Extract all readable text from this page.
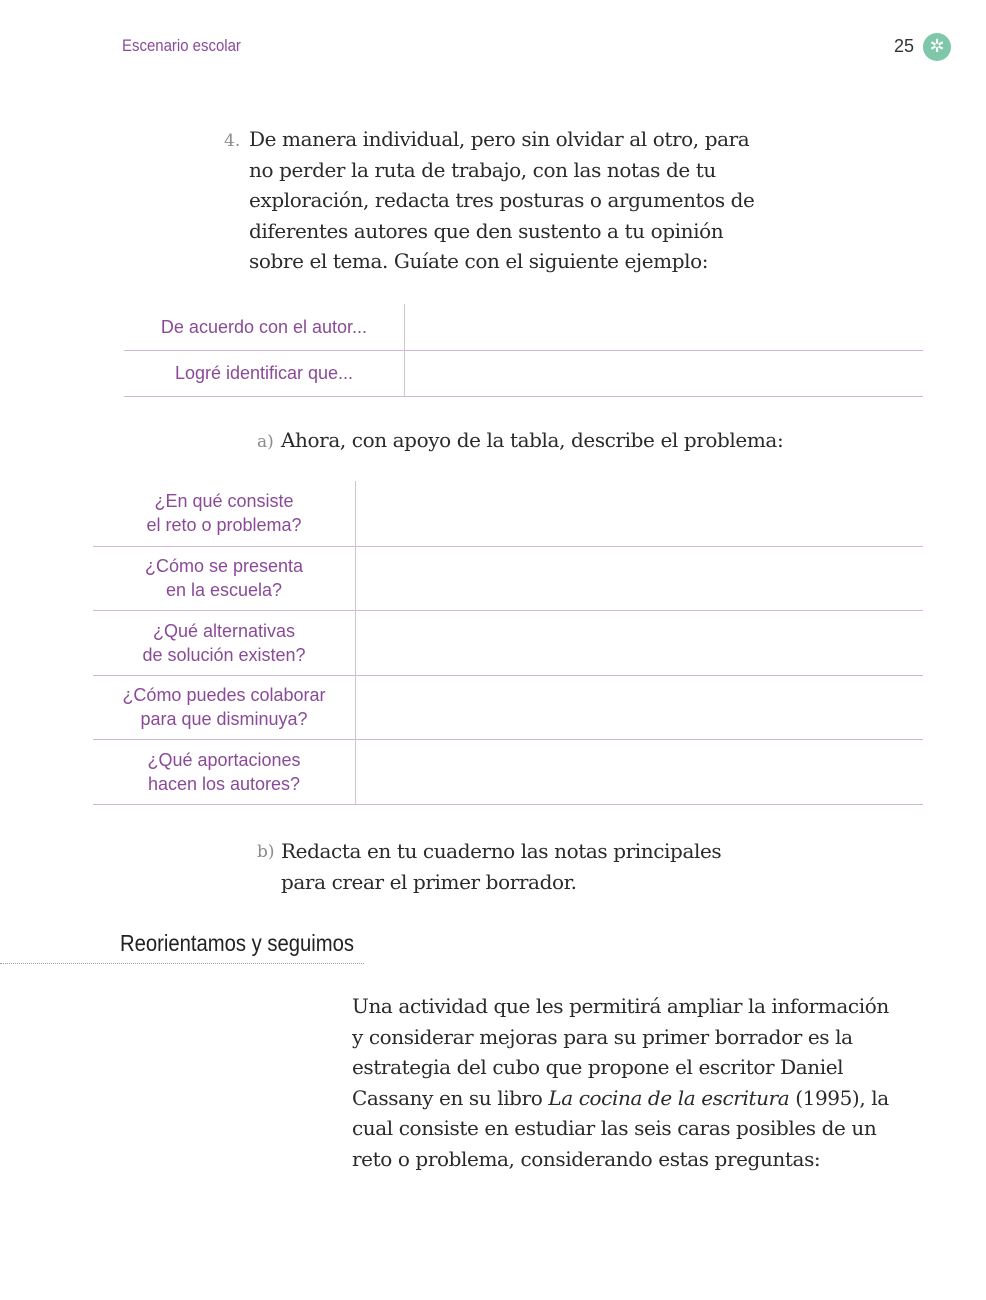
Escenario escolar	25 ✲
4. De manera individual, pero sin olvidar al otro, para
no perder la ruta de trabajo, con las notas de tu
exploración, redacta tres posturas o argumentos de
diferentes autores que den sustento a tu opinión
sobre el tema. Guíate con el siguiente ejemplo:
De acuerdo con el autor...	
Logré identificar que...	
a) Ahora, con apoyo de la tabla, describe el problema:
¿En qué consiste
el reto o problema?	

¿Cómo se presenta
en la escuela?	

¿Qué alternativas
de solución existen?	

¿Cómo puedes colaborar
para que disminuya?	

¿Qué aportaciones
hacen los autores?	

b) Redacta en tu cuaderno las notas principales
para crear el primer borrador.
Reorientamos y seguimos
Una actividad que les permitirá ampliar la información
y considerar mejoras para su primer borrador es la
estrategia del cubo que propone el escritor Daniel
Cassany en su libro La cocina de la escritura (1995), la
cual consiste en estudiar las seis caras posibles de un
reto o problema, considerando estas preguntas:
